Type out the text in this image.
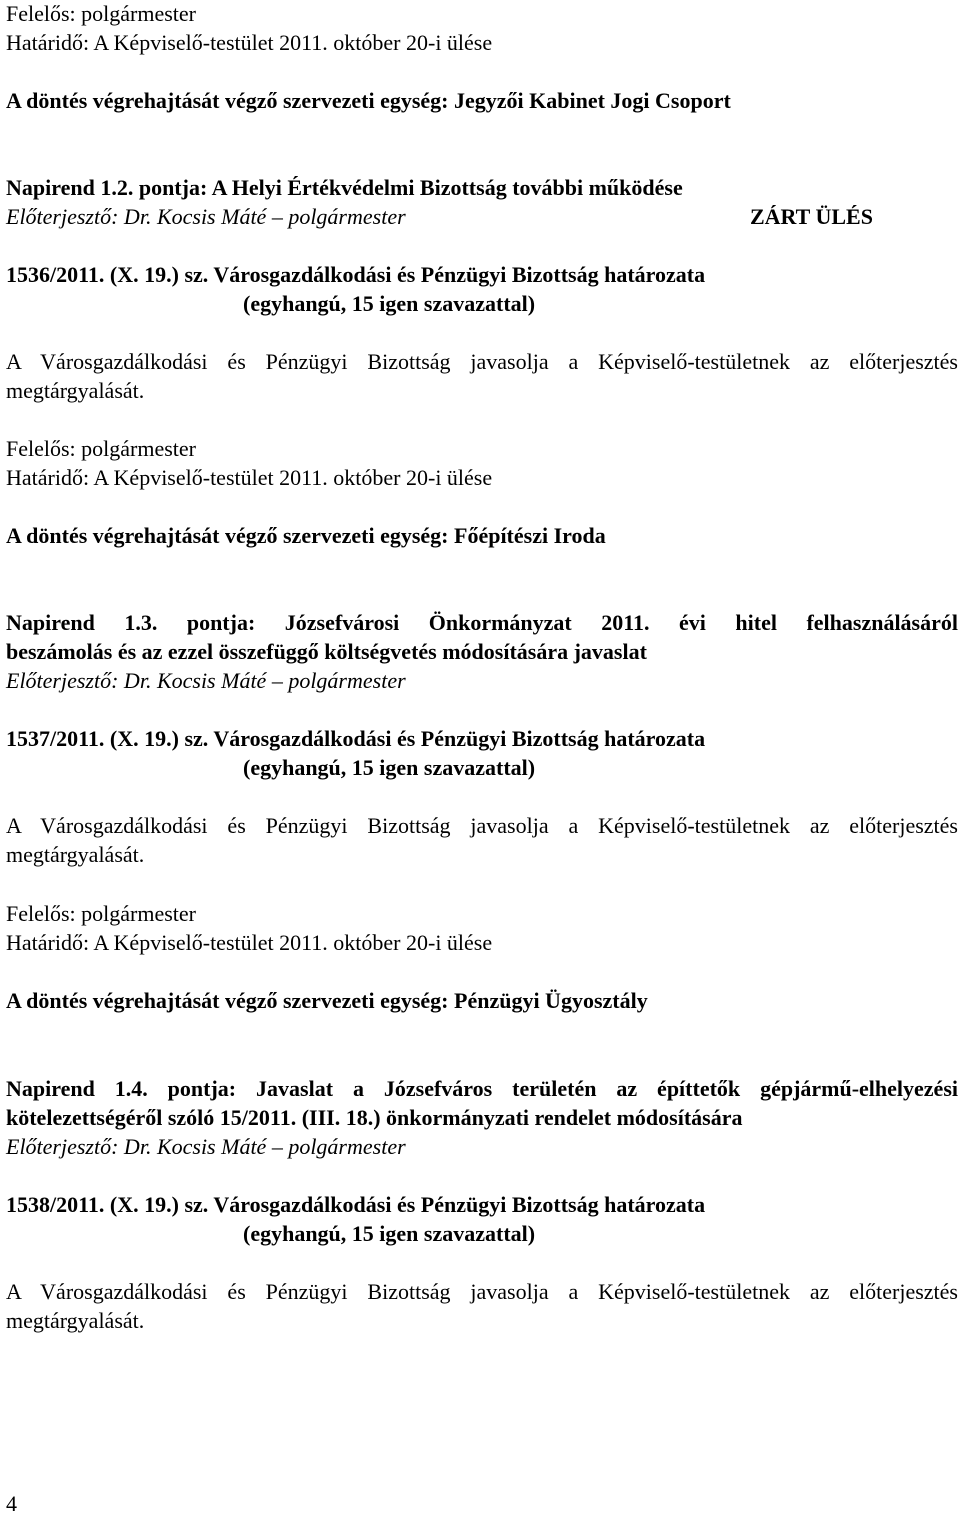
Felelős: polgármester
Határidő: A Képviselő-testület 2011. október 20-i ülése
A döntés végrehajtását végző szervezeti egység: Jegyzői Kabinet Jogi Csoport
Napirend 1.2. pontja: A Helyi Értékvédelmi Bizottság további működése
Előterjesztő: Dr. Kocsis Máté – polgármester	ZÁRT ÜLÉS
1536/2011. (X. 19.) sz. Városgazdálkodási és Pénzügyi Bizottság határozata
(egyhangú, 15 igen szavazattal)
A Városgazdálkodási és Pénzügyi Bizottság javasolja a Képviselő-testületnek az előterjesztés
megtárgyalását.
Felelős: polgármester
Határidő: A Képviselő-testület 2011. október 20-i ülése
A döntés végrehajtását végző szervezeti egység: Főépítészi Iroda
Napirend 1.3. pontja: Józsefvárosi Önkormányzat 2011. évi hitel felhasználásáról
beszámolás és az ezzel összefüggő költségvetés módosítására javaslat
Előterjesztő: Dr. Kocsis Máté – polgármester
1537/2011. (X. 19.) sz. Városgazdálkodási és Pénzügyi Bizottság határozata
(egyhangú, 15 igen szavazattal)
A Városgazdálkodási és Pénzügyi Bizottság javasolja a Képviselő-testületnek az előterjesztés
megtárgyalását.
Felelős: polgármester
Határidő: A Képviselő-testület 2011. október 20-i ülése
A döntés végrehajtását végző szervezeti egység: Pénzügyi Ügyosztály
Napirend 1.4. pontja: Javaslat a Józsefváros területén az építtetők gépjármű-elhelyezési
kötelezettségéről szóló 15/2011. (III. 18.) önkormányzati rendelet módosítására
Előterjesztő: Dr. Kocsis Máté – polgármester
1538/2011. (X. 19.) sz. Városgazdálkodási és Pénzügyi Bizottság határozata
(egyhangú, 15 igen szavazattal)
A Városgazdálkodási és Pénzügyi Bizottság javasolja a Képviselő-testületnek az előterjesztés
megtárgyalását.
4
